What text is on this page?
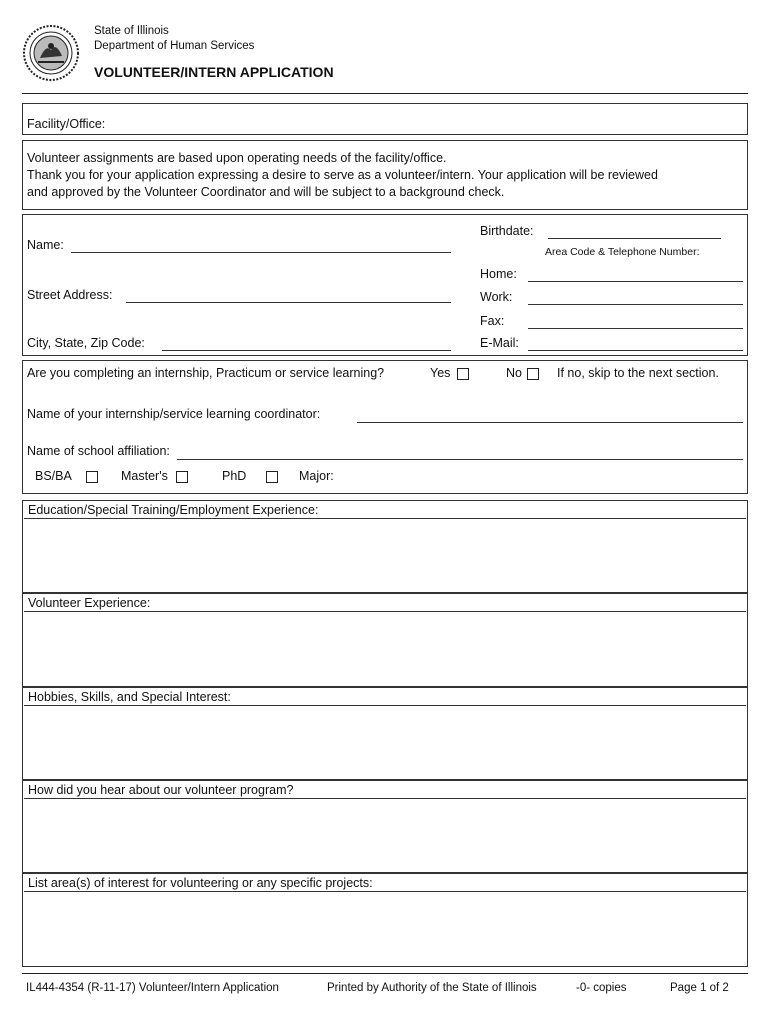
State of Illinois
Department of Human Services
VOLUNTEER/INTERN APPLICATION
Facility/Office:
Volunteer assignments are based upon operating needs of the facility/office.
Thank you for your application expressing a desire to serve as a volunteer/intern. Your application will be reviewed
and approved by the Volunteer Coordinator and will be subject to a background check.
Name:
Street Address:
City, State, Zip Code:
Birthdate:
Area Code & Telephone Number:
Home:
Work:
Fax:
E-Mail:
Are you completing an internship, Practicum or service learning?	Yes	No	If no, skip to the next section.
Name of your internship/service learning coordinator:
Name of school affiliation:
BS/BA	Master's	PhD	Major:
Education/Special Training/Employment Experience:
Volunteer Experience:
Hobbies, Skills, and Special Interest:
How did you hear about our volunteer program?
List area(s) of interest for volunteering or any specific projects:
IL444-4354 (R-11-17) Volunteer/Intern Application	Printed by Authority of the State of Illinois	-0- copies	Page 1 of 2
